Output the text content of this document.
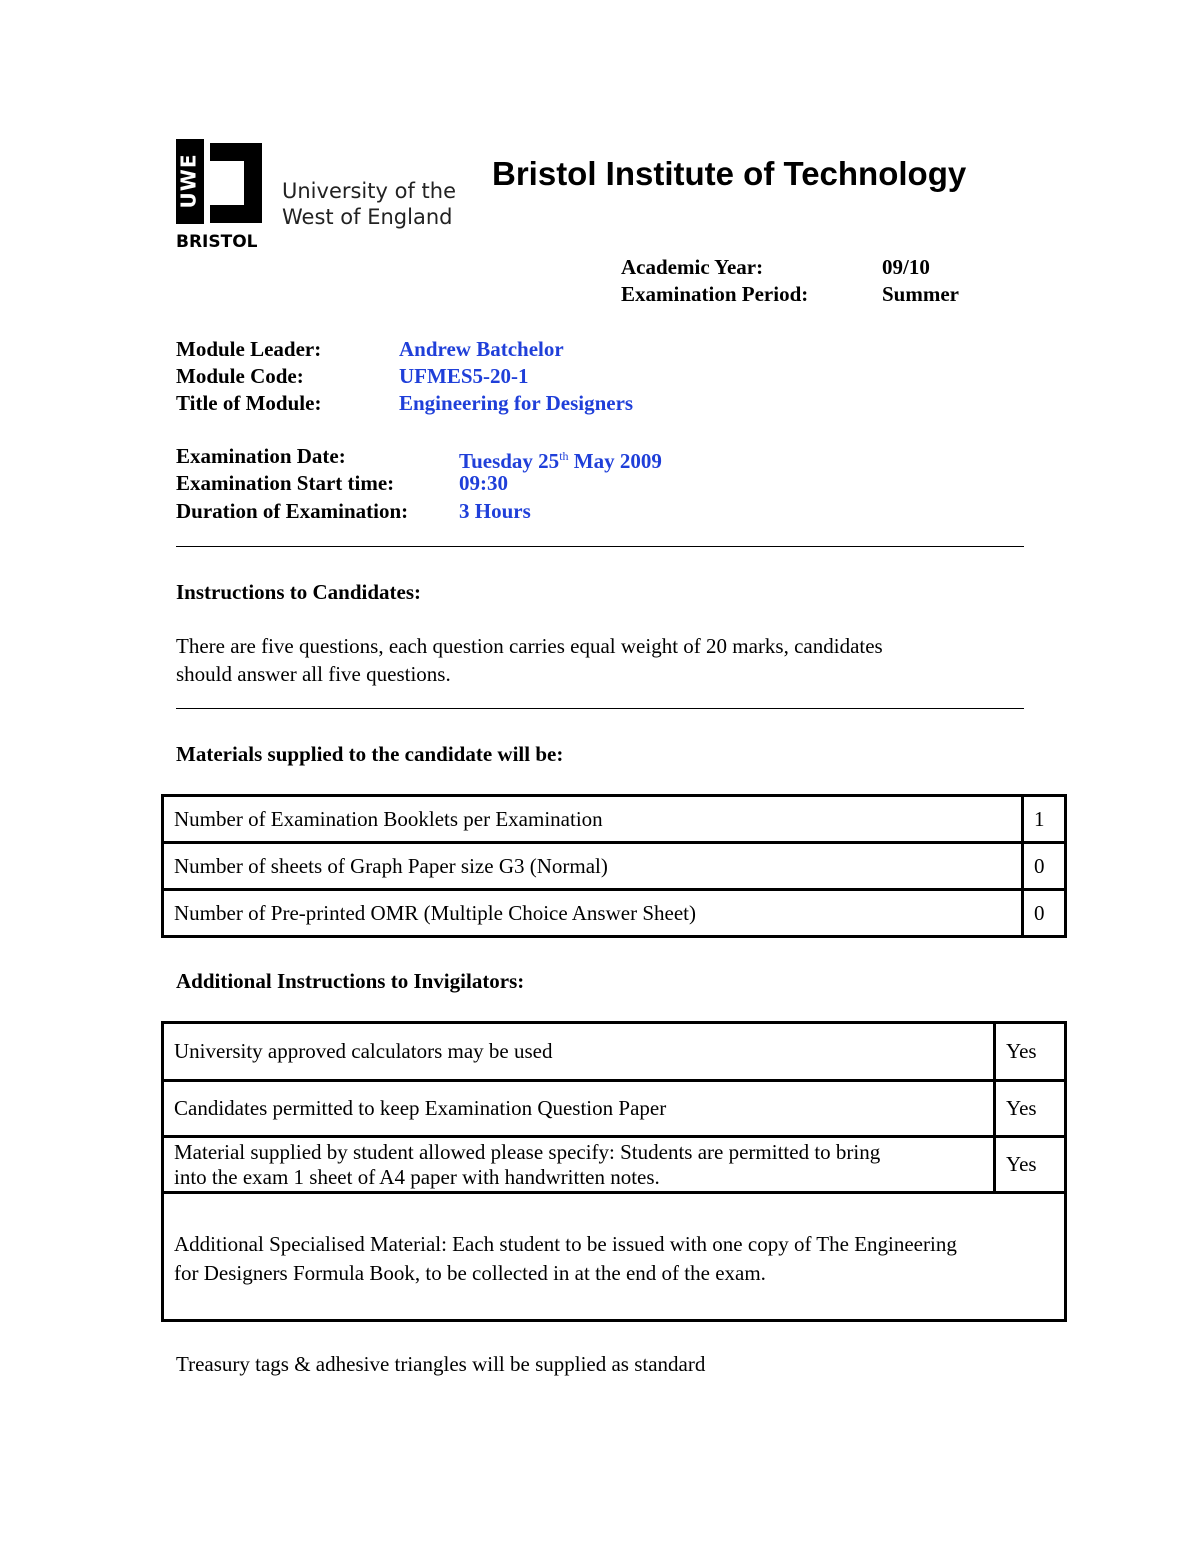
UWE
BRISTOL
University of the
West of England
Bristol Institute of Technology
Academic Year:	09/10
Examination Period:	Summer
Module Leader:	Andrew Batchelor
Module Code:	UFMES5-20-1
Title of Module:	Engineering for Designers
Examination Date:	Tuesday 25th May 2009
Examination Start time:	09:30
Duration of Examination: 3 Hours
Instructions to Candidates:
There are five questions, each question carries equal weight of 20 marks, candidates
should answer all five questions.
Materials supplied to the candidate will be:
Number of Examination Booklets per Examination	1
Number of sheets of Graph Paper size G3 (Normal)	0
Number of Pre-printed OMR (Multiple Choice Answer Sheet)	0
Additional Instructions to Invigilators:
University approved calculators may be used	Yes
Candidates permitted to keep Examination Question Paper	Yes

Material supplied by student allowed please specify: Students are permitted to bring
into the exam 1 sheet of A4 paper with handwritten notes.	Yes

Additional Specialised Material: Each student to be issued with one copy of The Engineering
for Designers Formula Book, to be collected in at the end of the exam.	
Treasury tags & adhesive triangles will be supplied as standard
